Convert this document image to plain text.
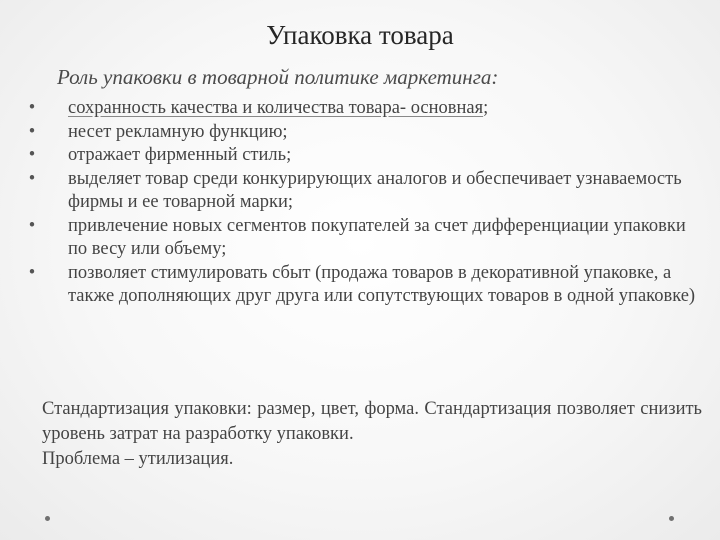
Упаковка товара
Роль упаковки в товарной политике маркетинга:
• сохранность качества и количества товара- основная;
• несет рекламную функцию;
• отражает фирменный стиль;
• выделяет товар среди конкурирующих аналогов и обеспечивает узнаваемость фирмы и ее товарной марки;
• привлечение новых сегментов покупателей за счет дифференциации упаковки по весу или объему;
• позволяет стимулировать сбыт (продажа товаров в декоративной упаковке, а также дополняющих друг друга или сопутствующих товаров в одной упаковке)

Стандартизация упаковки: размер, цвет, форма. Стандартизация позволяет снизить уровень затрат на разработку упаковки.

Проблема – утилизация.
